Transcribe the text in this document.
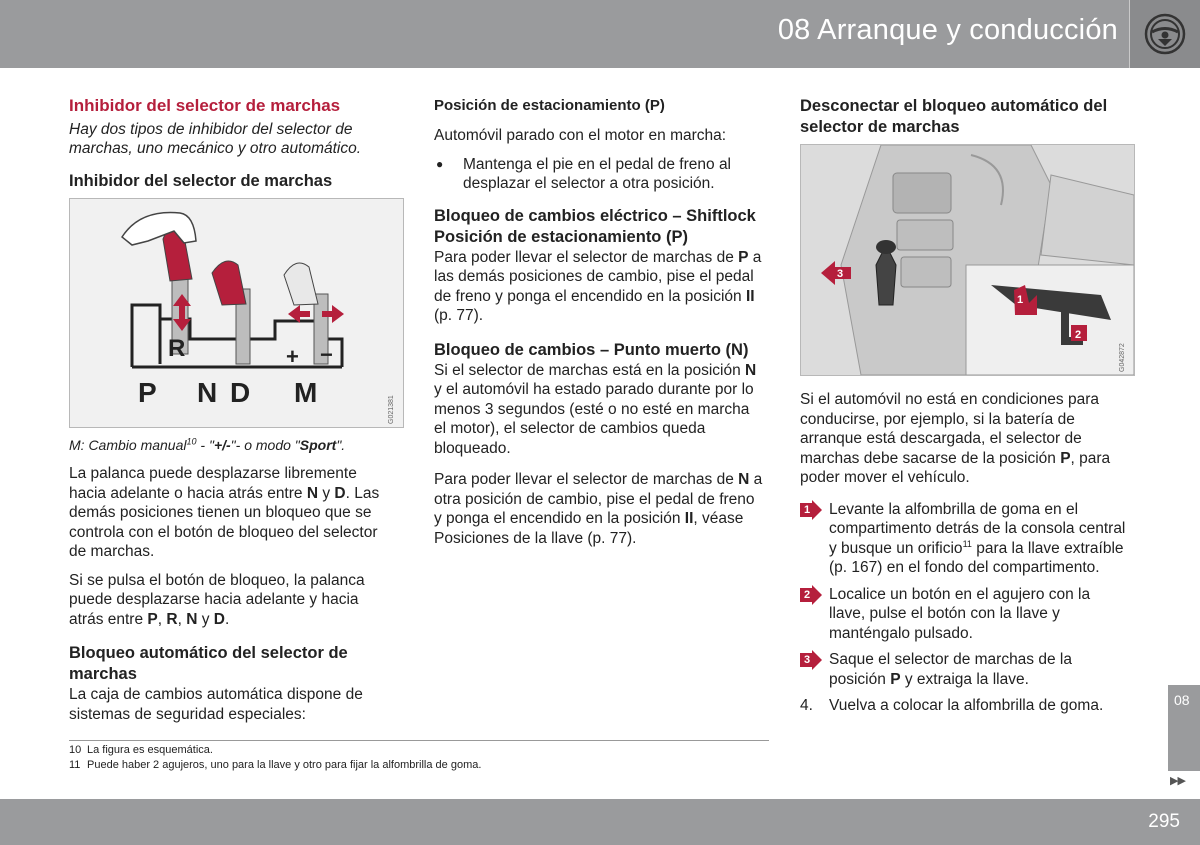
08 Arranque y conducción
Inhibidor del selector de marchas
Hay dos tipos de inhibidor del selector de marchas, uno mecánico y otro automático.
Inhibidor del selector de marchas
R	+ −
P N D M
G021381
M: Cambio manual$^{10}$ - "+/-"- o modo "Sport".

La palanca puede desplazarse libremente hacia adelante o hacia atrás entre N y D. Las demás posiciones tienen un bloqueo que se controla con el botón de bloqueo del selector de marchas.

Si se pulsa el botón de bloqueo, la palanca puede desplazarse hacia adelante y hacia atrás entre P, R, N y D.

Bloqueo automático del selector de marchas

La caja de cambios automática dispone de sistemas de seguridad especiales:

Posición de estacionamiento (P)

Automóvil parado con el motor en marcha:

● Mantenga el pie en el pedal de freno al desplazar el selector a otra posición.
Bloqueo de cambios eléctrico – Shiftlock Posición de estacionamiento (P)

Para poder llevar el selector de marchas de P a las demás posiciones de cambio, pise el pedal de freno y ponga el encendido en la posición II (p. 77).

Bloqueo de cambios – Punto muerto (N)

Si el selector de marchas está en la posición N y el automóvil ha estado parado durante por lo menos 3 segundos (esté o no esté en marcha el motor), el selector de cambios queda bloqueado.

Para poder llevar el selector de marchas de N a otra posición de cambio, pise el pedal de freno y ponga el encendido en la posición II, véase Posiciones de la llave (p. 77).

Desconectar el bloqueo automático del selector de marchas
3
1
2
G042872

Si el automóvil no está en condiciones para conducirse, por ejemplo, si la batería de arranque está descargada, el selector de marchas debe sacarse de la posición P, para poder mover el vehículo.

1 Levante la alfombrilla de goma en el compartimento detrás de la consola central y busque un orificio$^{11}$ para la llave extraíble (p. 167) en el fondo del compartimento.
2 Localice un botón en el agujero con la llave, pulse el botón con la llave y manténgalo pulsado.
3 Saque el selector de marchas de la posición P y extraiga la llave.
4.	Vuelva a colocar la alfombrilla de goma.
10 La figura es esquemática.
11 Puede haber 2 agujeros, uno para la llave y otro para fijar la alfombrilla de goma.
08
▶▶
295
